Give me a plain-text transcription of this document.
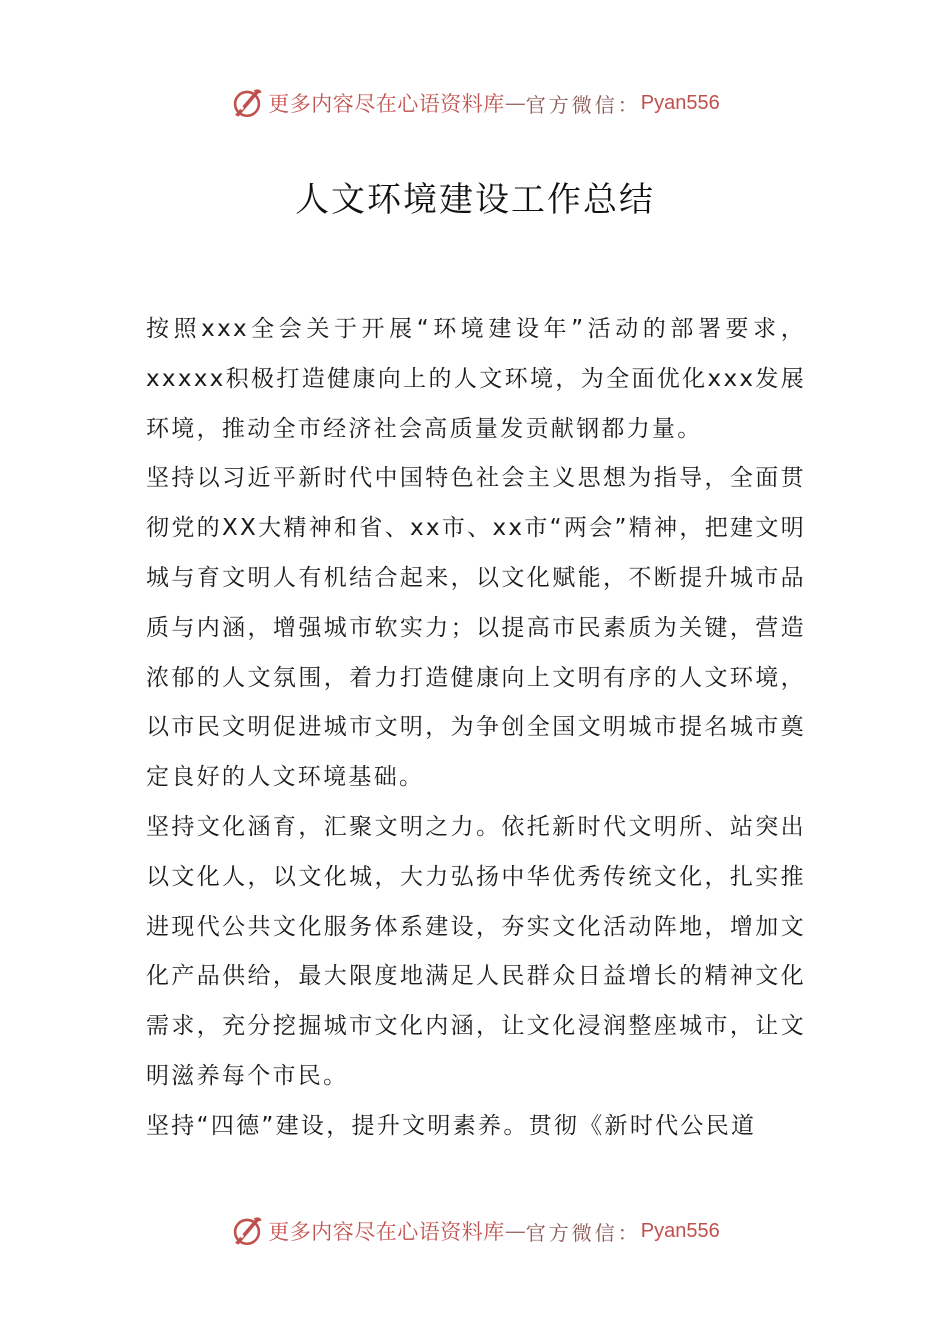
更多内容尽在心语资料库 — 官方微信： Pyan556
人文环境建设工作总结

按照xxx全会关于开展“环境建设年”活动的部署要求，xxxxx积极打造健康向上的人文环境，为全面优化xxx发展环境，推动全市经济社会高质量发贡献钢都力量。

坚持以习近平新时代中国特色社会主义思想为指导，全面贯彻党的XX大精神和省、xx市、xx市“两会”精神，把建文明城与育文明人有机结合起来，以文化赋能，不断提升城市品质与内涵，增强城市软实力；以提高市民素质为关键，营造浓郁的人文氛围，着力打造健康向上文明有序的人文环境，以市民文明促进城市文明，为争创全国文明城市提名城市奠定良好的人文环境基础。

坚持文化涵育，汇聚文明之力。依托新时代文明所、站突出以文化人，以文化城，大力弘扬中华优秀传统文化，扎实推进现代公共文化服务体系建设，夯实文化活动阵地，增加文化产品供给，最大限度地满足人民群众日益增长的精神文化需求，充分挖掘城市文化内涵，让文化浸润整座城市，让文明滋养每个市民。

坚持“四德”建设，提升文明素养。贯彻《新时代公民道

更多内容尽在心语资料库 — 官方微信： Pyan556
